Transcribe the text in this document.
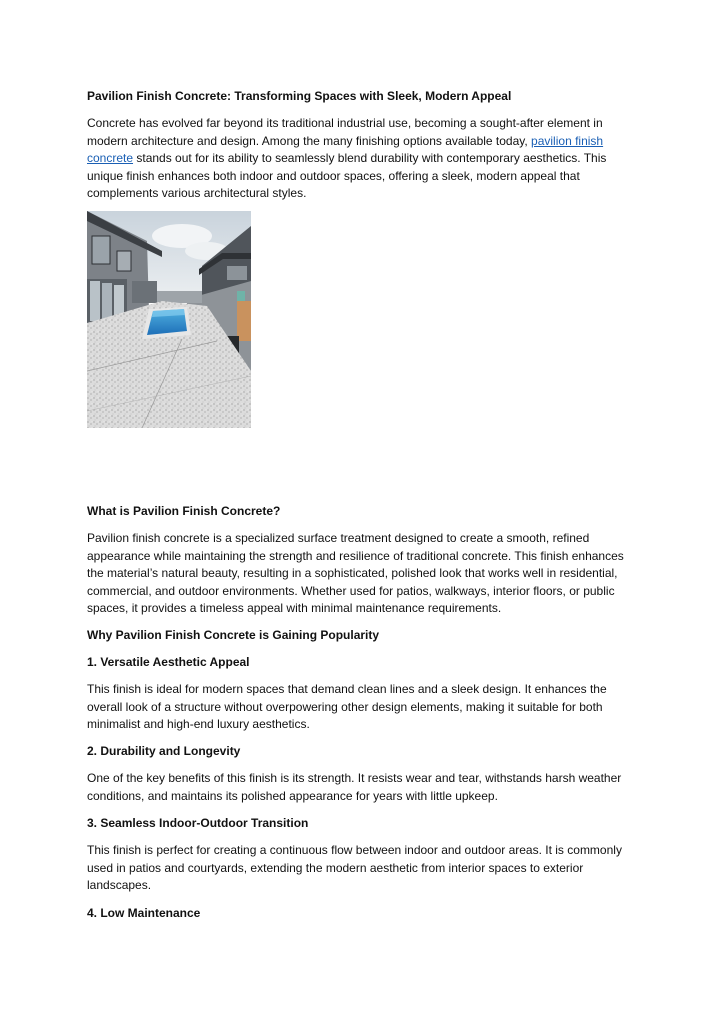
Pavilion Finish Concrete: Transforming Spaces with Sleek, Modern Appeal

Concrete has evolved far beyond its traditional industrial use, becoming a sought-after element in modern architecture and design. Among the many finishing options available today, pavilion finish concrete stands out for its ability to seamlessly blend durability with contemporary aesthetics. This unique finish enhances both indoor and outdoor spaces, offering a sleek, modern appeal that complements various architectural styles.

What is Pavilion Finish Concrete?

Pavilion finish concrete is a specialized surface treatment designed to create a smooth, refined appearance while maintaining the strength and resilience of traditional concrete. This finish enhances the material’s natural beauty, resulting in a sophisticated, polished look that works well in residential, commercial, and outdoor environments. Whether used for patios, walkways, interior floors, or public spaces, it provides a timeless appeal with minimal maintenance requirements.

Why Pavilion Finish Concrete is Gaining Popularity
1. Versatile Aesthetic Appeal

This finish is ideal for modern spaces that demand clean lines and a sleek design. It enhances the overall look of a structure without overpowering other design elements, making it suitable for both minimalist and high-end luxury aesthetics.

2. Durability and Longevity

One of the key benefits of this finish is its strength. It resists wear and tear, withstands harsh weather conditions, and maintains its polished appearance for years with little upkeep.

3. Seamless Indoor-Outdoor Transition

This finish is perfect for creating a continuous flow between indoor and outdoor areas. It is commonly used in patios and courtyards, extending the modern aesthetic from interior spaces to exterior landscapes.

4. Low Maintenance
